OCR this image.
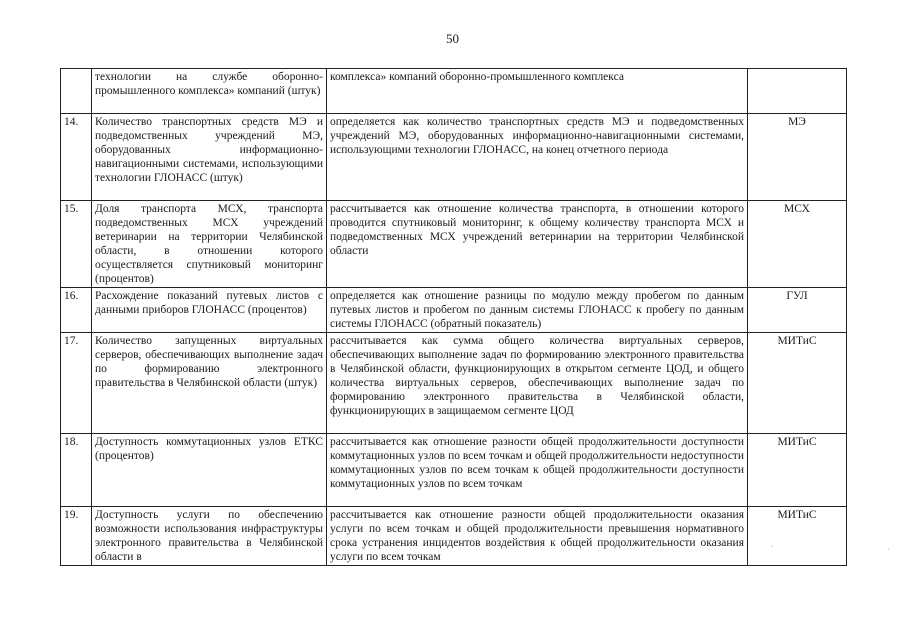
50
	технологии на службе оборонно-промышленного комплекса» компаний (штук)	комплекса» компаний оборонно-промышленного комплекса	
14.	Количество транспортных средств МЭ и подведомственных учреждений МЭ, оборудованных информационно-навигационными системами, использующими технологии ГЛОНАСС (штук)	определяется как количество транспортных средств МЭ и подведомственных учреждений МЭ, оборудованных информационно-навигационными системами, использующими технологии ГЛОНАСС, на конец отчетного периода	МЭ
15.	Доля транспорта МСХ, транспорта подведомственных МСХ учреждений ветеринарии на территории Челябинской области, в отношении которого осуществляется спутниковый мониторинг (процентов)	рассчитывается как отношение количества транспорта, в отношении которого проводится спутниковый мониторинг, к общему количеству транспорта МСХ и подведомственных МСХ учреждений ветеринарии на территории Челябинской области	МСХ
16.	Расхождение показаний путевых листов с данными приборов ГЛОНАСС (процентов)	определяется как отношение разницы по модулю между пробегом по данным путевых листов и пробегом по данным системы ГЛОНАСС к пробегу по данным системы ГЛОНАСС (обратный показатель)	ГУЛ
17.	Количество запущенных виртуальных серверов, обеспечивающих выполнение задач по формированию электронного правительства в Челябинской области (штук)	рассчитывается как сумма общего количества виртуальных серверов, обеспечивающих выполнение задач по формированию электронного правительства в Челябинской области, функционирующих в открытом сегменте ЦОД, и общего количества виртуальных серверов, обеспечивающих выполнение задач по формированию электронного правительства в Челябинской области, функционирующих в защищаемом сегменте ЦОД	МИТиС
18.	Доступность коммутационных узлов ЕТКС (процентов)	рассчитывается как отношение разности общей продолжительности доступности коммутационных узлов по всем точкам и общей продолжительности недоступности коммутационных узлов по всем точкам к общей продолжительности доступности коммутационных узлов по всем точкам	МИТиС
19.	Доступность услуги по обеспечению возможности использования инфраструктуры электронного правительства в Челябинской области в	рассчитывается как отношение разности общей продолжительности оказания услуги по всем точкам и общей продолжительности превышения нормативного срока устранения инцидентов воздействия к общей продолжительности оказания услуги по всем точкам	МИТиС
·	·
